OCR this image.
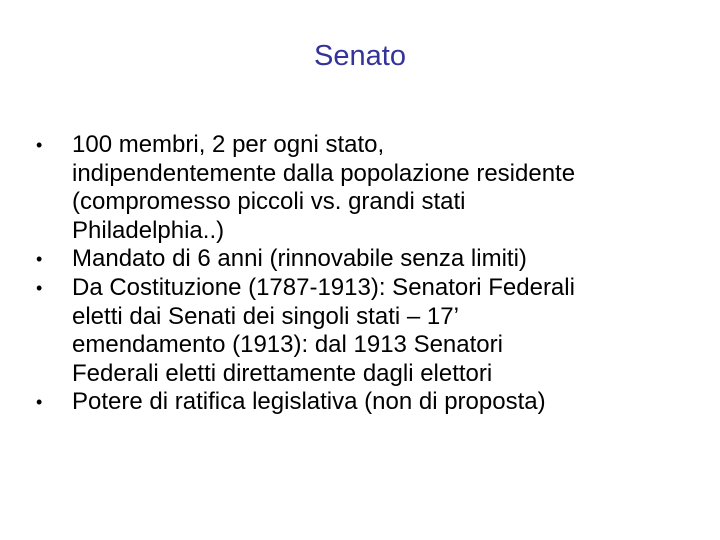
Senato
•	100 membri, 2 per ogni stato,
indipendentemente dalla popolazione residente
(compromesso piccoli vs. grandi stati
Philadelphia..)
•	Mandato di 6 anni (rinnovabile senza limiti)
•	Da Costituzione (1787-1913): Senatori Federali
eletti dai Senati dei singoli stati – 17’
emendamento (1913): dal 1913 Senatori
Federali eletti direttamente dagli elettori
•	Potere di ratifica legislativa (non di proposta)
